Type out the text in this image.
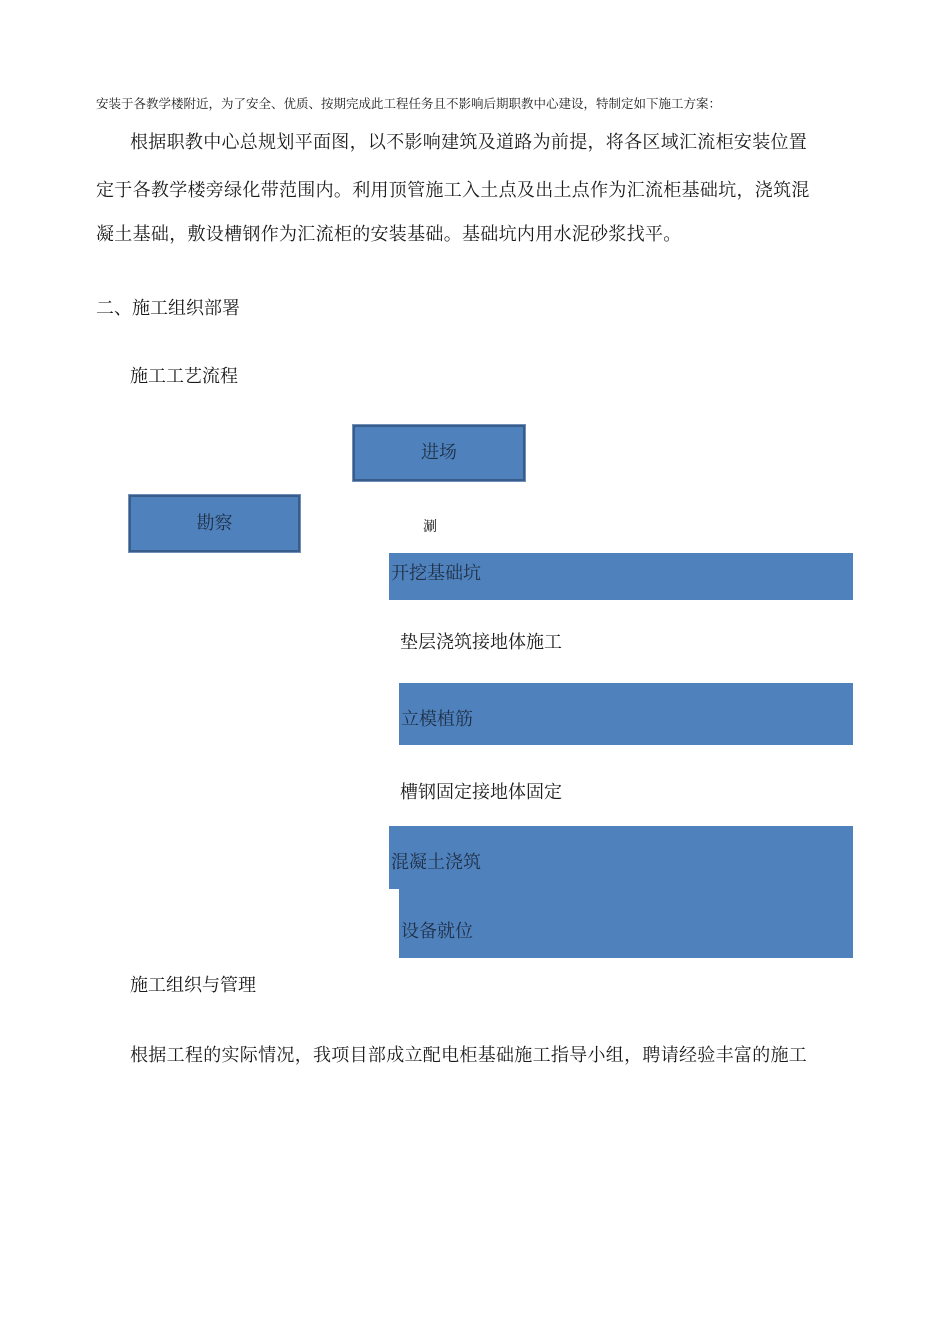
安装于各教学楼附近，为了安全、优质、按期完成此工程任务且不影响后期职教中心建设，特制定如下施工方案：
根据职教中心总规划平面图，以不影响建筑及道路为前提，将各区域汇流柜安装位置
定于各教学楼旁绿化带范围内。利用顶管施工入土点及出土点作为汇流柜基础坑，浇筑混
凝土基础，敷设槽钢作为汇流柜的安装基础。基础坑内用水泥砂浆找平。
二、施工组织部署
施工工艺流程
进场
勘察	涮
开挖基础坑
垫层浇筑接地体施工
立模植筋
槽钢固定接地体固定
混凝土浇筑
设备就位
施工组织与管理
根据工程的实际情况，我项目部成立配电柜基础施工指导小组，聘请经验丰富的施工
